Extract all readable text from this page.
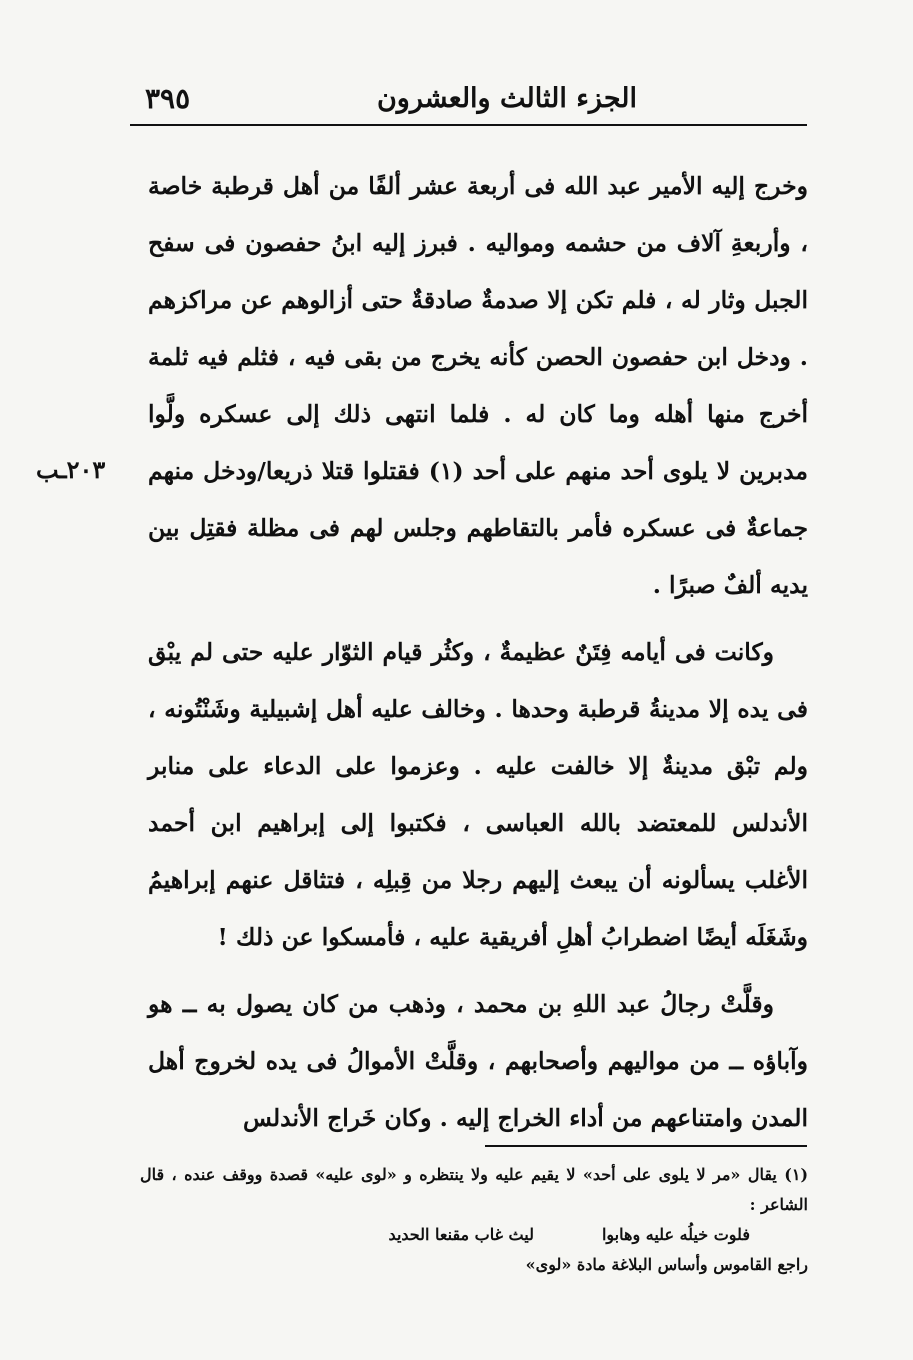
الجزء الثالث والعشرون
٣٩٥
٢٠٣ـب

وخرج إليه الأمير عبد الله فى أربعة عشر ألفًا من أهل قرطبة خاصة ، وأربعةِ آلاف من حشمه ومواليه . فبرز إليه ابنُ حفصون فى سفح الجبل وثار له ، فلم تكن إلا صدمةٌ صادقةٌ حتى أزالوهم عن مراكزهم . ودخل ابن حفصون الحصن كأنه يخرج من بقى فيه ، فثلم فيه ثلمة أخرج منها أهله وما كان له . فلما انتهى ذلك إلى عسكره ولَّوا مدبرين لا يلوى أحد منهم على أحد (١) فقتلوا قتلا ذريعا/ودخل منهم جماعةٌ فى عسكره فأمر بالتقاطهم وجلس لهم فى مظلة فقتِل بين يديه ألفٌ صبرًا .

وكانت فى أيامه فِتَنٌ عظيمةٌ ، وكثُر قيام الثوّار عليه حتى لم يبْق فى يده إلا مدينةُ قرطبة وحدها . وخالف عليه أهل إشبيلية وشَنْتُونه ، ولم تبْق مدينةٌ إلا خالفت عليه . وعزموا على الدعاء على منابر الأندلس للمعتضد بالله العباسى ، فكتبوا إلى إبراهيم ابن أحمد الأغلب يسألونه أن يبعث إليهم رجلا من قِبلِه ، فتثاقل عنهم إبراهيمُ وشَغَلَه أيضًا اضطرابُ أهلِ أفريقية عليه ، فأمسكوا عن ذلك !

وقلَّتْ رجالُ عبد اللهِ بن محمد ، وذهب من كان يصول به ــ هو وآباؤه ــ من مواليهم وأصحابهم ، وقلَّتْ الأموالُ فى يده لخروج أهل المدن وامتناعهم من أداء الخراج إليه . وكان خَراج الأندلس

(١) يقال «مر لا يلوى على أحد» لا يقيم عليه ولا ينتظره و «لوى عليه» قصدة ووقف عنده ، قال الشاعر :

فلوت خيلُه عليه وهابوا
ليث غاب مقنعا الحديد

راجع القاموس وأساس البلاغة مادة «لوى»
